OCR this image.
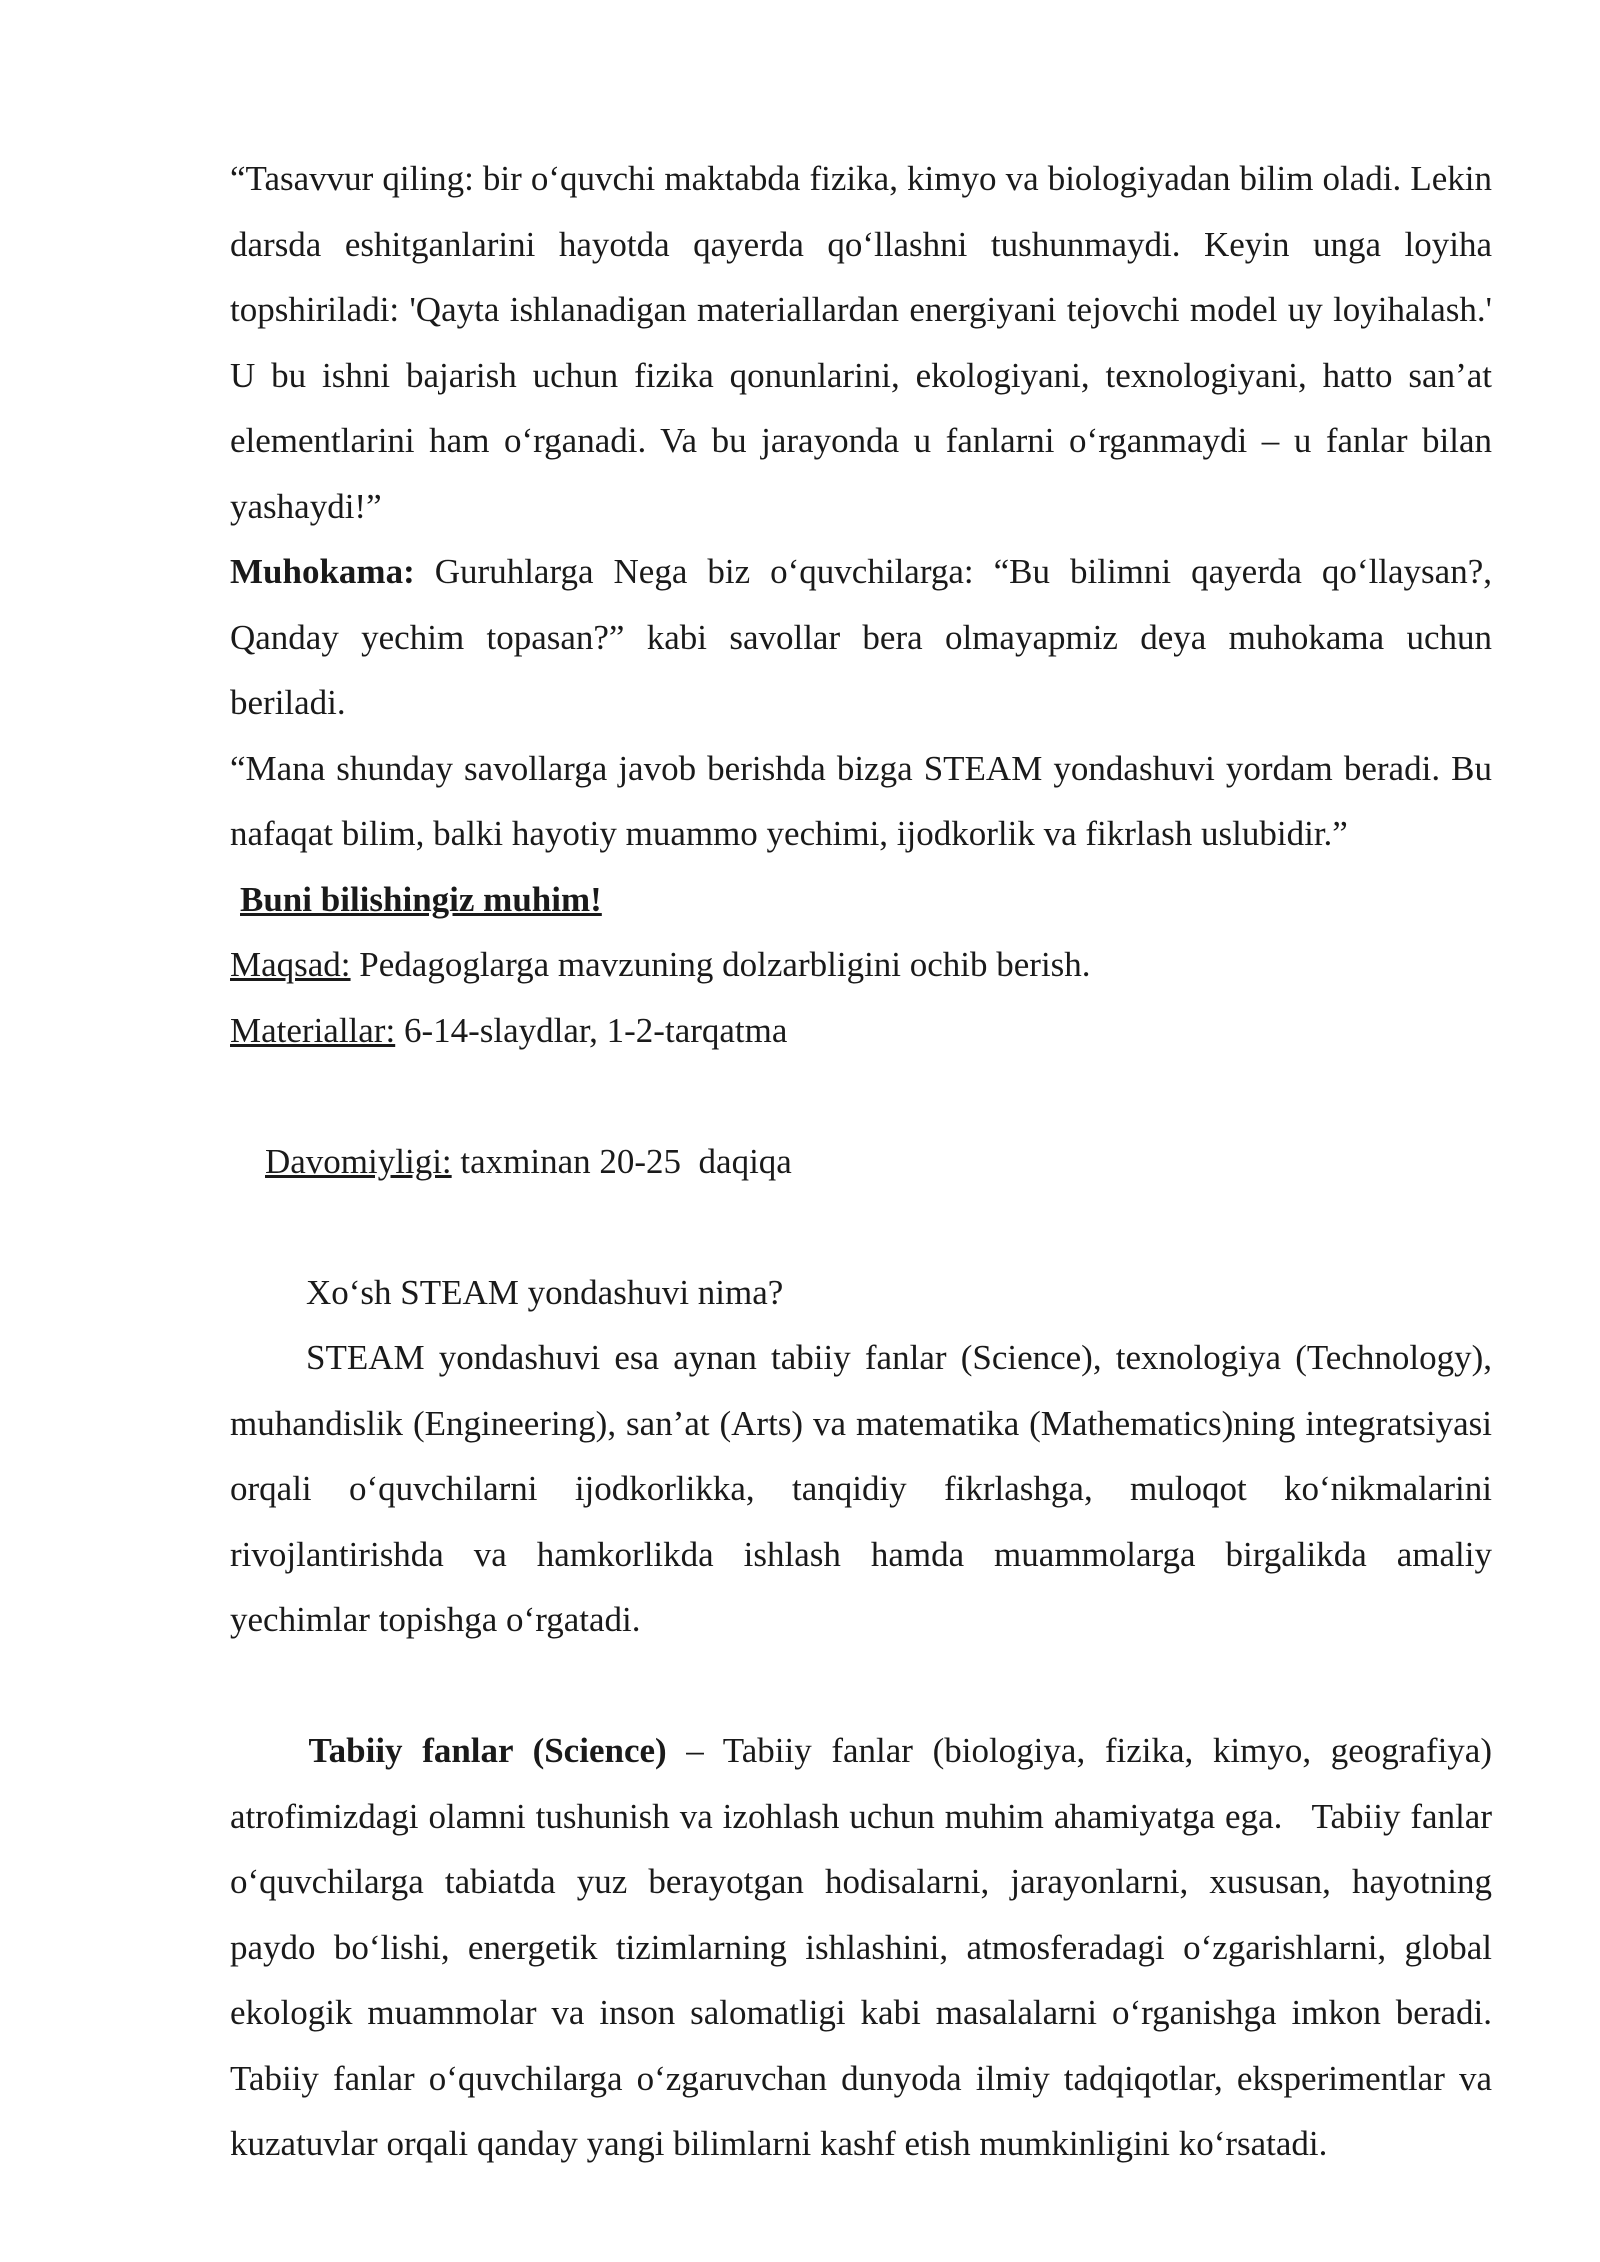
“Tasavvur qiling: bir o‘quvchi maktabda fizika, kimyo va biologiyadan bilim oladi. Lekin darsda eshitganlarini hayotda qayerda qo‘llashni tushunmaydi. Keyin unga loyiha topshiriladi: 'Qayta ishlanadigan materiallardan energiyani tejovchi model uy loyihalash.' U bu ishni bajarish uchun fizika qonunlarini, ekologiyani, texnologiyani, hatto san’at elementlarini ham o‘rganadi. Va bu jarayonda u fanlarni o‘rganmaydi – u fanlar bilan yashaydi!”

Muhokama: Guruhlarga Nega biz o‘quvchilarga: “Bu bilimni qayerda qo‘llaysan?, Qanday yechim topasan?” kabi savollar bera olmayapmiz deya muhokama uchun beriladi.

“Mana shunday savollarga javob berishda bizga STEAM yondashuvi yordam beradi. Bu nafaqat bilim, balki hayotiy muammo yechimi, ijodkorlik va fikrlash uslubidir.”

Buni bilishingiz muhim!

Maqsad: Pedagoglarga mavzuning dolzarbligini ochib berish.

Materiallar: 6-14-slaydlar, 1-2-tarqatma

Davomiyligi: taxminan 20-25  daqiqa

Xo‘sh STEAM yondashuvi nima?

STEAM yondashuvi esa aynan tabiiy fanlar (Science), texnologiya (Technology), muhandislik (Engineering), san’at (Arts) va matematika (Mathematics)ning integratsiyasi orqali o‘quvchilarni ijodkorlikka, tanqidiy fikrlashga, muloqot ko‘nikmalarini rivojlantirishda va hamkorlikda ishlash hamda muammolarga birgalikda amaliy yechimlar topishga o‘rgatadi.

Tabiiy fanlar (Science) – Tabiiy fanlar (biologiya, fizika, kimyo, geografiya) atrofimizdagi olamni tushunish va izohlash uchun muhim ahamiyatga ega.   Tabiiy fanlar o‘quvchilarga tabiatda yuz berayotgan hodisalarni, jarayonlarni, xususan, hayotning paydo bo‘lishi, energetik tizimlarning ishlashini, atmosferadagi o‘zgarishlarni, global ekologik muammolar va inson salomatligi kabi masalalarni o‘rganishga imkon beradi. Tabiiy fanlar o‘quvchilarga o‘zgaruvchan dunyoda ilmiy tadqiqotlar, eksperimentlar va kuzatuvlar orqali qanday yangi bilimlarni kashf etish mumkinligini ko‘rsatadi.
